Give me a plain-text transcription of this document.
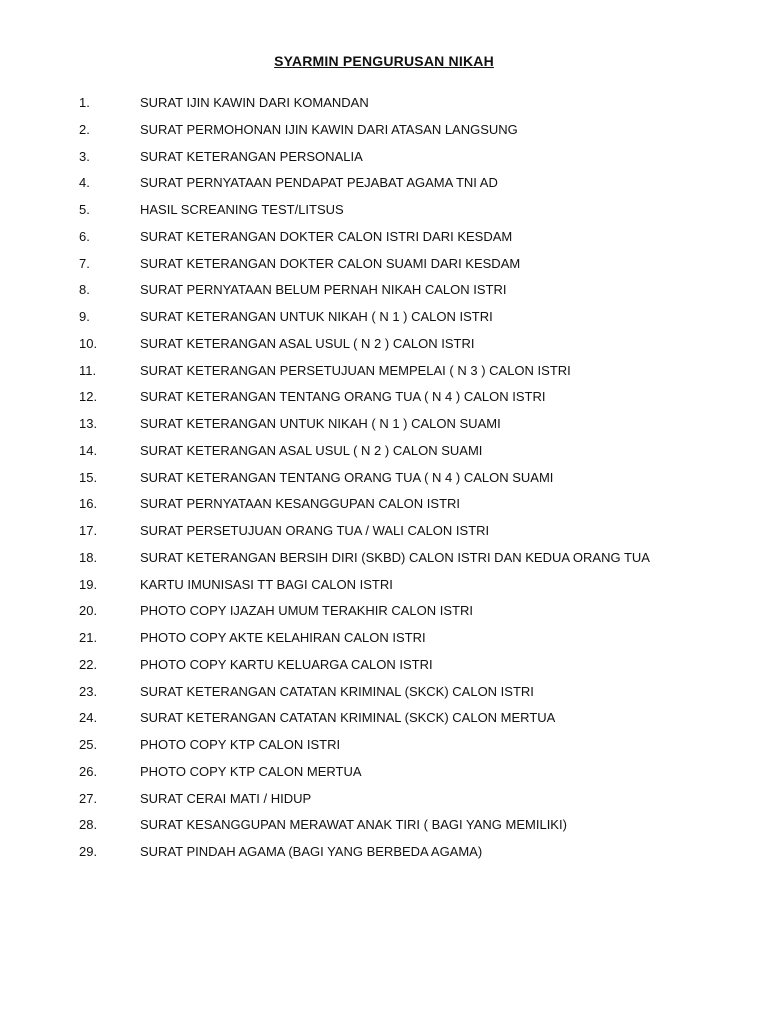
SYARMIN PENGURUSAN NIKAH
1.	SURAT IJIN KAWIN DARI KOMANDAN
2.	SURAT PERMOHONAN IJIN KAWIN DARI ATASAN LANGSUNG
3.	SURAT KETERANGAN PERSONALIA
4.	SURAT PERNYATAAN PENDAPAT PEJABAT AGAMA TNI AD
5.	HASIL SCREANING TEST/LITSUS
6.	SURAT KETERANGAN DOKTER CALON ISTRI DARI KESDAM
7.	SURAT KETERANGAN DOKTER CALON SUAMI DARI KESDAM
8.	SURAT PERNYATAAN BELUM PERNAH NIKAH CALON ISTRI
9.	SURAT KETERANGAN UNTUK NIKAH ( N 1 ) CALON ISTRI
10.	SURAT KETERANGAN ASAL USUL ( N 2 ) CALON ISTRI
11.	SURAT KETERANGAN PERSETUJUAN MEMPELAI ( N 3 ) CALON ISTRI
12.	SURAT KETERANGAN TENTANG ORANG TUA ( N 4 ) CALON ISTRI
13.	SURAT KETERANGAN UNTUK NIKAH ( N 1 ) CALON SUAMI
14.	SURAT KETERANGAN ASAL USUL ( N 2 ) CALON SUAMI
15.	SURAT KETERANGAN TENTANG ORANG TUA ( N 4 ) CALON SUAMI
16.	SURAT PERNYATAAN KESANGGUPAN CALON ISTRI
17.	SURAT PERSETUJUAN ORANG TUA / WALI CALON ISTRI
18.	SURAT KETERANGAN BERSIH DIRI (SKBD) CALON ISTRI DAN KEDUA ORANG TUA
19.	KARTU IMUNISASI TT BAGI CALON ISTRI
20.	PHOTO COPY IJAZAH UMUM TERAKHIR CALON ISTRI
21.	PHOTO COPY AKTE KELAHIRAN CALON ISTRI
22.	PHOTO COPY KARTU KELUARGA CALON ISTRI
23.	SURAT KETERANGAN CATATAN KRIMINAL (SKCK) CALON ISTRI
24.	SURAT KETERANGAN CATATAN KRIMINAL (SKCK) CALON MERTUA
25.	PHOTO COPY KTP CALON ISTRI
26.	PHOTO COPY KTP CALON MERTUA
27.	SURAT CERAI MATI / HIDUP
28.	SURAT KESANGGUPAN MERAWAT ANAK TIRI ( BAGI YANG MEMILIKI)
29.	SURAT PINDAH AGAMA (BAGI YANG BERBEDA AGAMA)
